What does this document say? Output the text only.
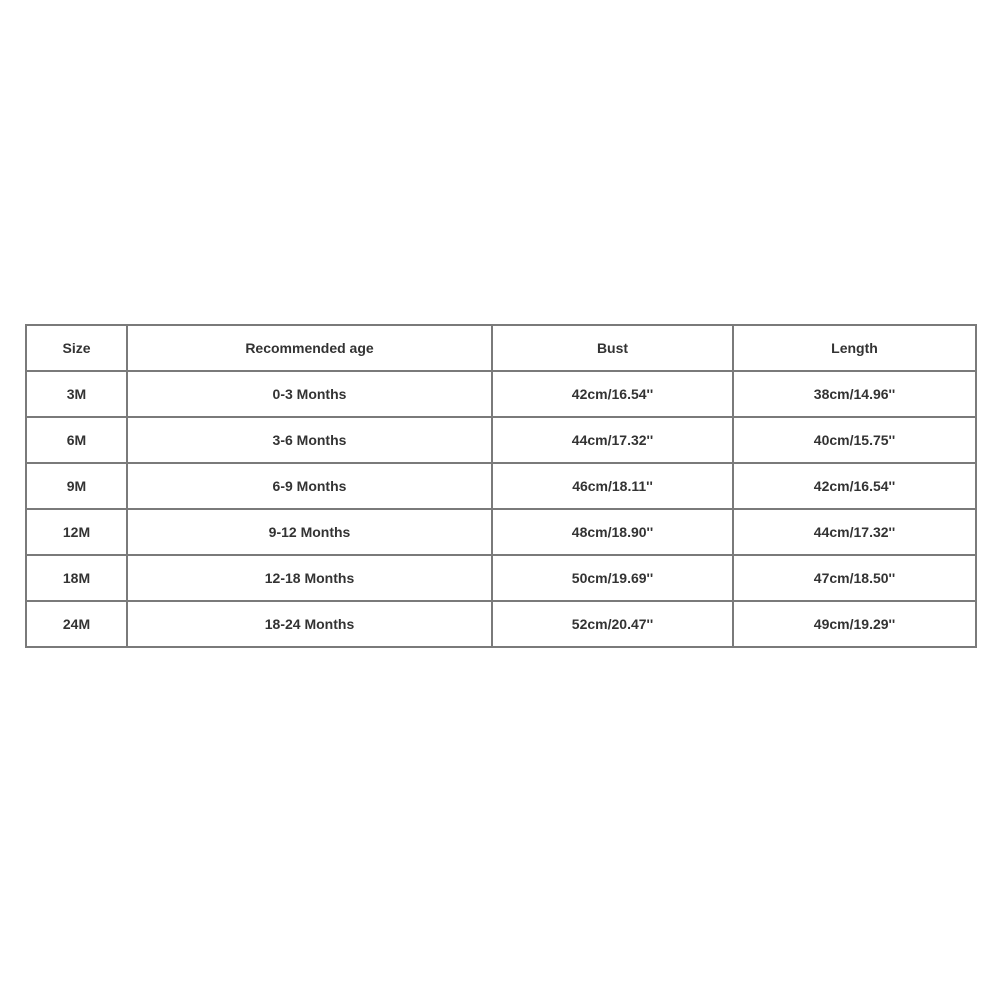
Size	Recommended age	Bust	Length
3M	0-3 Months	42cm/16.54''	38cm/14.96''
6M	3-6 Months	44cm/17.32''	40cm/15.75''
9M	6-9 Months	46cm/18.11''	42cm/16.54''
12M	9-12 Months	48cm/18.90''	44cm/17.32''
18M	12-18 Months	50cm/19.69''	47cm/18.50''
24M	18-24 Months	52cm/20.47''	49cm/19.29''
